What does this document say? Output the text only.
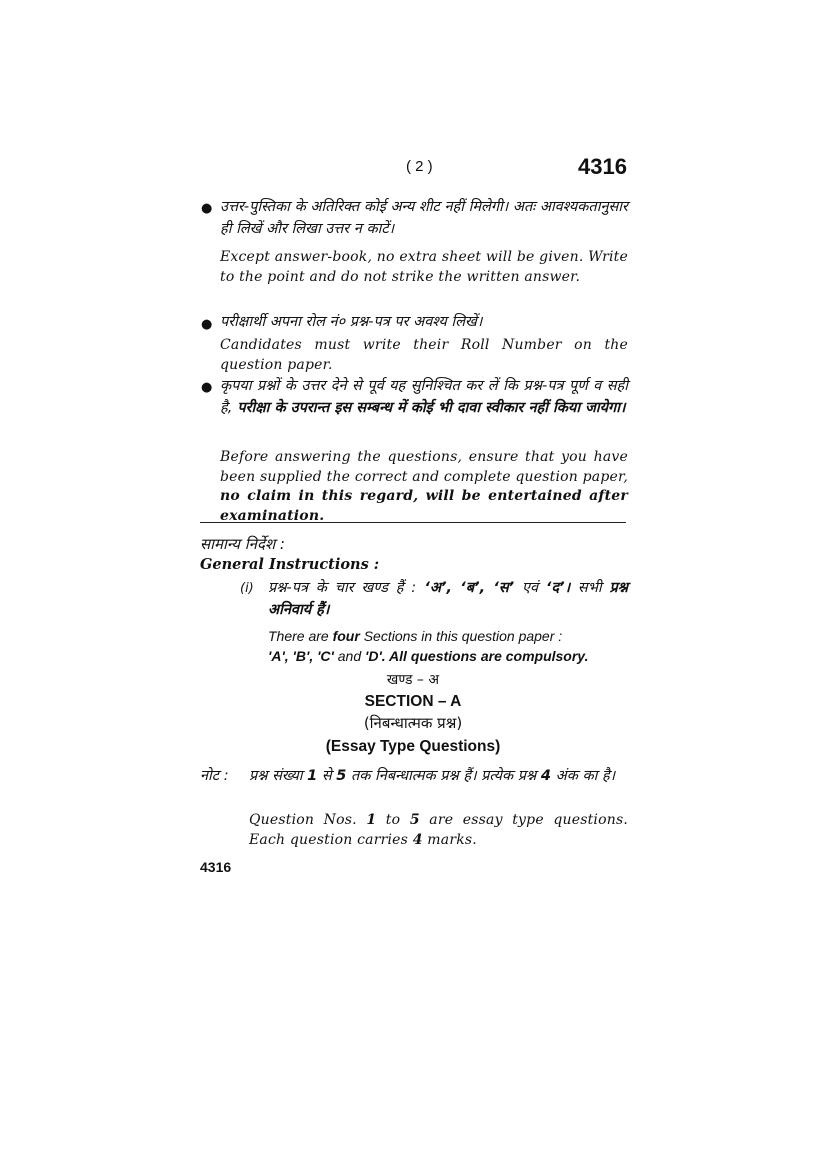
( 2 )	4316
● उत्तर-पुस्तिका के अतिरिक्त कोई अन्य शीट नहीं मिलेगी। अतः आवश्यकतानुसार ही लिखें और लिखा उत्तर न काटें।
Except answer-book, no extra sheet will be given. Write to the point and do not strike the written answer.
● परीक्षार्थी अपना रोल नं० प्रश्न-पत्र पर अवश्य लिखें।
Candidates must write their Roll Number on the question paper.
● कृपया प्रश्नों के उत्तर देने से पूर्व यह सुनिश्चित कर लें कि प्रश्न-पत्र पूर्ण व सही है, परीक्षा के उपरान्त इस सम्बन्ध में कोई भी दावा स्वीकार नहीं किया जायेगा।
Before answering the questions, ensure that you have been supplied the correct and complete question paper, no claim in this regard, will be entertained after examination.
सामान्य निर्देश :
General Instructions :
(i) प्रश्न-पत्र के चार खण्ड हैं : ‘अ’, ‘ब’, ‘स’ एवं ‘द’। सभी प्रश्न अनिवार्य हैं।
There are four Sections in this question paper :
'A', 'B', 'C' and 'D'. All questions are compulsory.
खण्ड – अ
SECTION – A
(निबन्धात्मक प्रश्न)
(Essay Type Questions)
नोट : प्रश्न संख्या 1 से 5 तक निबन्धात्मक प्रश्न हैं। प्रत्येक प्रश्न 4 अंक का है।
Question Nos. 1 to 5 are essay type questions. Each question carries 4 marks.
4316
